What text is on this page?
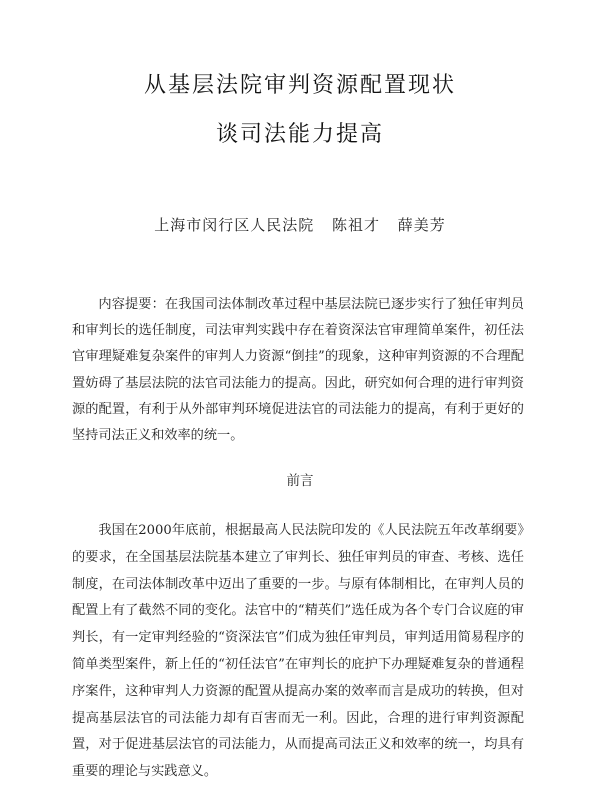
从基层法院审判资源配置现状
谈司法能力提高
上海市闵行区人民法院 陈祖才 薛美芳

内容提要：在我国司法体制改革过程中基层法院已逐步实行了独任审判员和审判长的选任制度，司法审判实践中存在着资深法官审理简单案件，初任法官审理疑难复杂案件的审判人力资源“倒挂”的现象，这种审判资源的不合理配置妨碍了基层法院的法官司法能力的提高。因此，研究如何合理的进行审判资源的配置，有利于从外部审判环境促进法官的司法能力的提高，有利于更好的坚持司法正义和效率的统一。

前言

我国在2000年底前，根据最高人民法院印发的《人民法院五年改革纲要》的要求，在全国基层法院基本建立了审判长、独任审判员的审查、考核、选任制度，在司法体制改革中迈出了重要的一步。与原有体制相比，在审判人员的配置上有了截然不同的变化。法官中的“精英们”选任成为各个专门合议庭的审判长，有一定审判经验的“资深法官”们成为独任审判员，审判适用简易程序的简单类型案件，新上任的“初任法官”在审判长的庇护下办理疑难复杂的普通程序案件，这种审判人力资源的配置从提高办案的效率而言是成功的转换，但对提高基层法官的司法能力却有百害而无一利。因此，合理的进行审判资源配置，对于促进基层法官的司法能力，从而提高司法正义和效率的统一，均具有重要的理论与实践意义。
